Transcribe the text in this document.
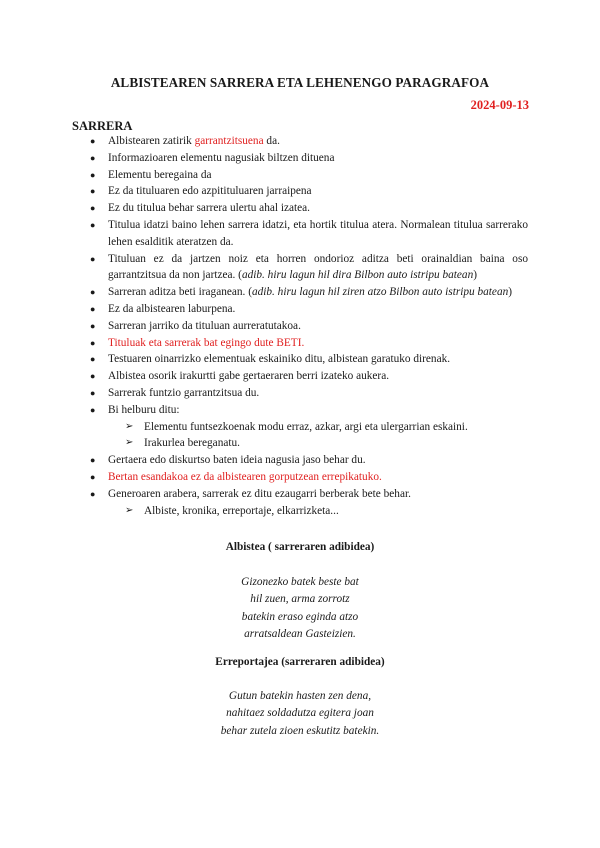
ALBISTEAREN SARRERA ETA LEHENENGO PARAGRAFOA
2024-09-13
SARRERA
● Albistearen zatirik garrantzitsuena da.
● Informazioaren elementu nagusiak biltzen dituena
● Elementu beregaina da
● Ez da tituluaren edo azpitituluaren jarraipena
● Ez du titulua behar sarrera ulertu ahal izatea.
● Titulua idatzi baino lehen sarrera idatzi, eta hortik titulua atera. Normalean titulua sarrerako lehen esalditik ateratzen da.
● Tituluan ez da jartzen noiz eta horren ondorioz aditza beti orainaldian baina oso garrantzitsua da non jartzea. (adib. hiru lagun hil dira Bilbon auto istripu batean)
● Sarreran aditza beti iraganean. (adib. hiru lagun hil ziren atzo Bilbon auto istripu batean)
● Ez da albistearen laburpena.
● Sarreran jarriko da tituluan aurreratutakoa.
● Tituluak eta sarrerak bat egingo dute BETI.
● Testuaren oinarrizko elementuak eskainiko ditu, albistean garatuko direnak.
● Albistea osorik irakurtti gabe gertaeraren berri izateko aukera.
● Sarrerak funtzio garrantzitsua du.
● Bi helburu ditu:
➢ Elementu funtsezkoenak modu erraz, azkar, argi eta ulergarrian eskaini.
➢ Irakurlea bereganatu.
● Gertaera edo diskurtso baten ideia nagusia jaso behar du.
● Bertan esandakoa ez da albistearen gorputzean errepikatuko.
● Generoaren arabera, sarrerak ez ditu ezaugarri berberak bete behar.
➢ Albiste, kronika, erreportaje, elkarrizketa...
Albistea ( sarreraren adibidea)
Gizonezko batek beste bat
hil zuen, arma zorrotz
batekin eraso eginda atzo
arratsaldean Gasteizien.
Erreportajea (sarreraren adibidea)
Gutun batekin hasten zen dena,
nahitaez soldadutza egitera joan
behar zutela zioen eskutitz batekin.
